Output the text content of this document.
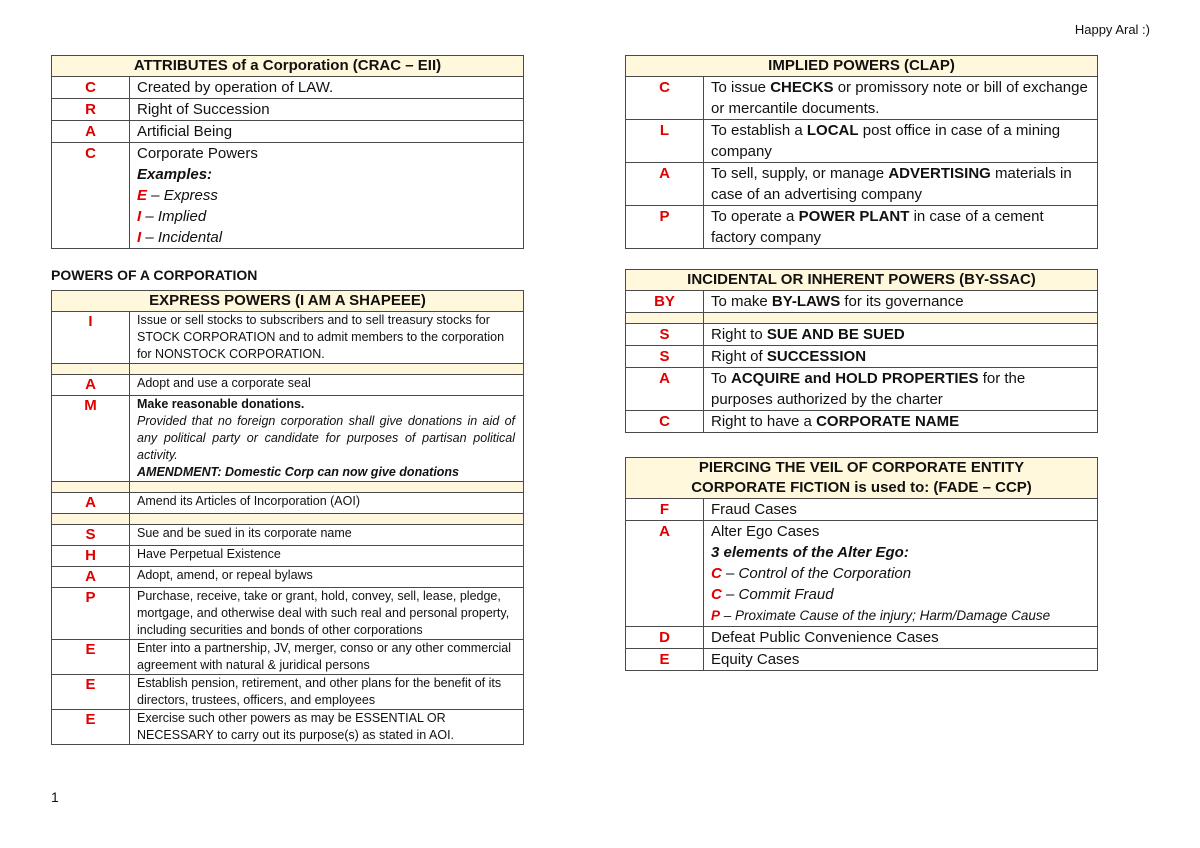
Happy Aral :)
ATTRIBUTES of a Corporation (CRAC – EII)	
C	Created by operation of LAW.
R	Right of Succession
A	Artificial Being
C	Corporate Powers
Examples:
E – Express
I – Implied
I – Incidental
POWERS OF A CORPORATION
EXPRESS POWERS (I AM A SHAPEEE)	
I	Issue or sell stocks to subscribers and to sell treasury stocks for STOCK CORPORATION and to admit members to the corporation for NONSTOCK CORPORATION.

A	Adopt and use a corporate seal
M	Make reasonable donations.
Provided that no foreign corporation shall give donations in aid of any political party or candidate for purposes of partisan political activity.
AMENDMENT: Domestic Corp can now give donations

A	Amend its Articles of Incorporation (AOI)

S	Sue and be sued in its corporate name
H	Have Perpetual Existence
A	Adopt, amend, or repeal bylaws
P	Purchase, receive, take or grant, hold, convey, sell, lease, pledge, mortgage, and otherwise deal with such real and personal property, including securities and bonds of other corporations
E	Enter into a partnership, JV, merger, conso or any other commercial agreement with natural & juridical persons
E	Establish pension, retirement, and other plans for the benefit of its directors, trustees, officers, and employees
E	Exercise such other powers as may be ESSENTIAL OR NECESSARY to carry out its purpose(s) as stated in AOI.
IMPLIED POWERS (CLAP)	
C	To issue CHECKS or promissory note or bill of exchange or mercantile documents.
L	To establish a LOCAL post office in case of a mining company
A	To sell, supply, or manage ADVERTISING materials in case of an advertising company
P	To operate a POWER PLANT in case of a cement factory company
INCIDENTAL OR INHERENT POWERS (BY-SSAC)	
BY	To make BY-LAWS for its governance

S	Right to SUE AND BE SUED
S	Right of SUCCESSION
A	To ACQUIRE and HOLD PROPERTIES for the purposes authorized by the charter
C	Right to have a CORPORATE NAME
PIERCING THE VEIL OF CORPORATE ENTITY
CORPORATE FICTION is used to: (FADE – CCP)	

F	Fraud Cases
A	Alter Ego Cases
3 elements of the Alter Ego:
C – Control of the Corporation
C – Commit Fraud
P – Proximate Cause of the injury; Harm/Damage Cause

D	Defeat Public Convenience Cases
E	Equity Cases
1
